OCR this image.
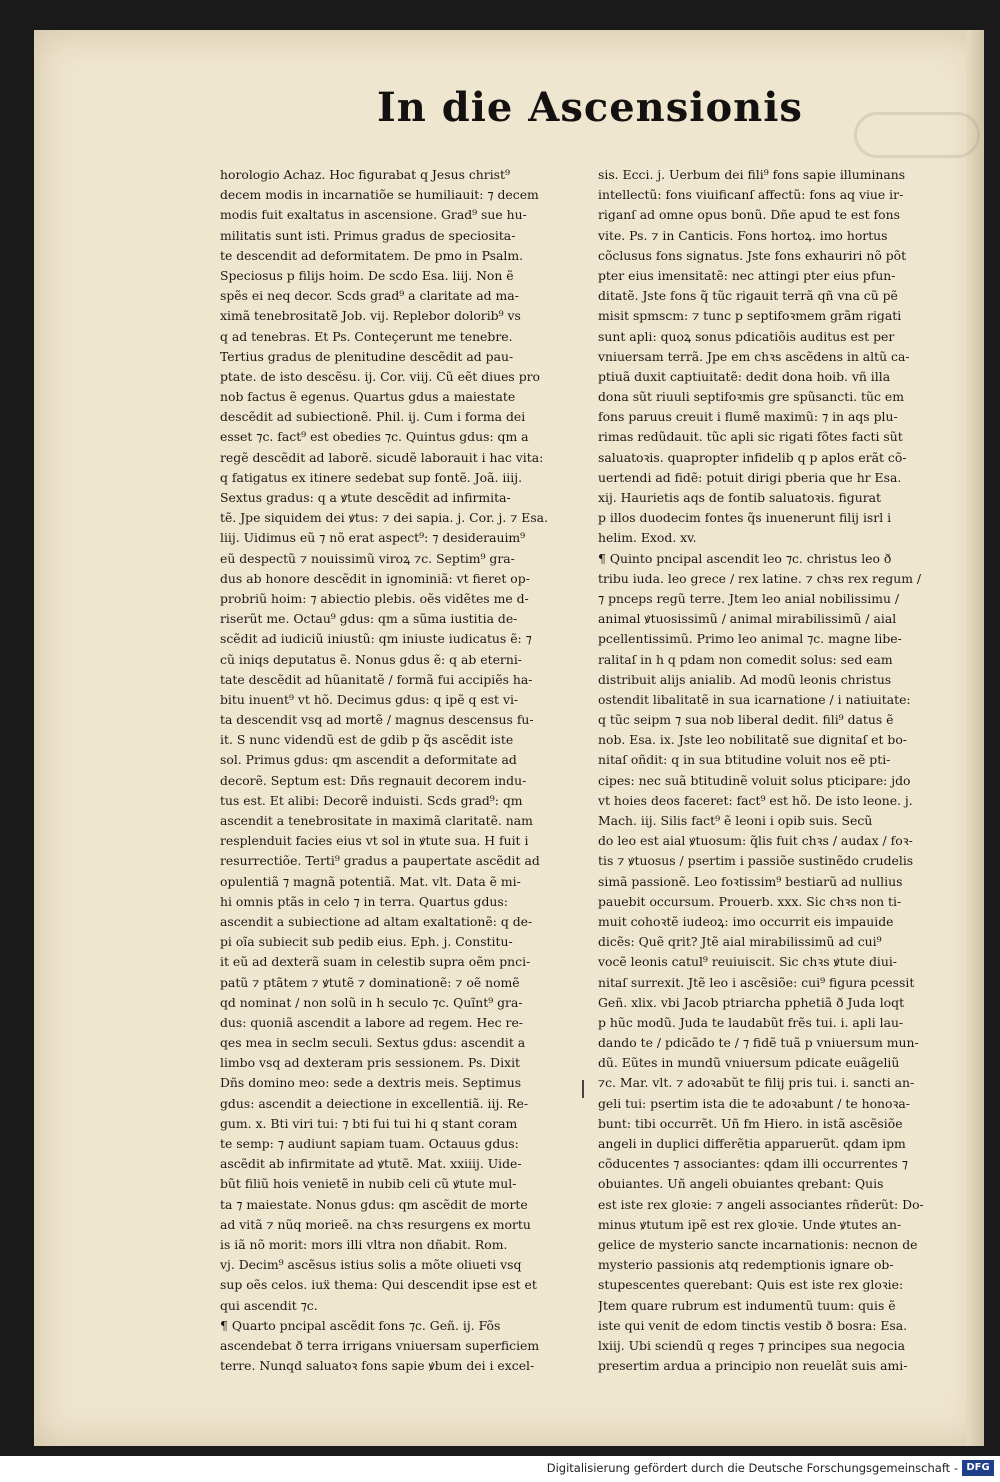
In die Ascensionis
horologio Achaz. Hoc figurabat q Jesus christ⁹
decem modis in incarnatiõe se humiliauit: ⁊ decem
modis fuit exaltatus in ascensione. Grad⁹ sue hu-
militatis sunt isti. Primus gradus de speciosita-
te descendit ad deformitatem. De pmo in Psalm.
Speciosus p filijs hoim. De scdo Esa. liij. Non ẽ
spẽs ei neq decor. Scds grad⁹ a claritate ad ma-
ximã tenebrositatẽ Job. vij. Replebor dolorib⁹ vs
q ad tenebras. Et Ps. Conteçerunt me tenebre.
Tertius gradus de plenitudine descẽdit ad pau-
ptate. de isto descẽsu. ij. Cor. viij. Cũ eẽt diues pro
nob factus ẽ egenus. Quartus gdus a maiestate
descẽdit ad subiectionẽ. Phil. ij. Cum i forma dei
esset ⁊c. fact⁹ est obedies ⁊c. Quintus gdus: qm a
regẽ descẽdit ad laborẽ. sicudẽ laborauit i hac vita:
q fatigatus ex itinere sedebat sup fontẽ. Joã. iiij.
Sextus gradus: q a ꝟtute descẽdit ad infirmita-
tẽ. Jpe siquidem dei ꝟtus: ⁊ dei sapia. j. Cor. j. ⁊ Esa.
liij. Uidimus eũ ⁊ nõ erat aspect⁹: ⁊ desiderauim⁹
eũ despectũ ⁊ nouissimũ viroꝝ ⁊c. Septim⁹ gra-
dus ab honore descẽdit in ignominiã: vt fieret op-
probriũ hoim: ⁊ abiectio plebis. oẽs vidẽtes me d-
riserũt me. Octau⁹ gdus: qm a sũma iustitia de-
scẽdit ad iudiciũ iniustũ: qm iniuste iudicatus ẽ: ⁊
cũ iniqs deputatus ẽ. Nonus gdus ẽ: q ab eterni-
tate descẽdit ad hũanitatẽ / formã fui accipiẽs ha-
bitu inuent⁹ vt hõ. Decimus gdus: q ipẽ q est vi-
ta descendit vsq ad mortẽ / magnus descensus fu-
it. S nunc videndũ est de gdib p q̃s ascẽdit iste
sol. Primus gdus: qm ascendit a deformitate ad
decorẽ. Septum est: Dñs regnauit decorem indu-
tus est. Et alibi: Decorẽ induisti. Scds grad⁹: qm
ascendit a tenebrositate in maximã claritatẽ. nam
resplenduit facies eius vt sol in ꝟtute sua. H fuit i
resurrectiõe. Terti⁹ gradus a paupertate ascẽdit ad
opulentiã ⁊ magnã potentiã. Mat. vlt. Data ẽ mi-
hi omnis ptãs in celo ⁊ in terra. Quartus gdus:
ascendit a subiectione ad altam exaltationẽ: q de-
pi oĩa subiecit sub pedib eius. Eph. j. Constitu-
it eũ ad dexterã suam in celestib supra oẽm pnci-
patũ ⁊ ptãtem ⁊ ꝟtutẽ ⁊ dominationẽ: ⁊ oẽ nomẽ
qd nominat / non solũ in h seculo ⁊c. Quĩnt⁹ gra-
dus: quoniã ascendit a labore ad regem. Hec re-
qes mea in seclm seculi. Sextus gdus: ascendit a
limbo vsq ad dexteram pris sessionem. Ps. Dixit
Dñs domino meo: sede a dextris meis. Septimus
gdus: ascendit a deiectione in excellentiã. iij. Re-
gum. x. Bti viri tui: ⁊ bti fui tui hi q stant coram
te semp: ⁊ audiunt sapiam tuam. Octauus gdus:
ascẽdit ab infirmitate ad ꝟtutẽ. Mat. xxiiij. Uide-
bũt filiũ hois venietẽ in nubib celi cũ ꝟtute mul-
ta ⁊ maiestate. Nonus gdus: qm ascẽdit de morte
ad vitã ⁊ nũq morieẽ. na chꝛs resurgens ex mortu
is iã nõ morit: mors illi vltra non dñabit. Rom.
vj. Decim⁹ ascẽsus istius solis a mõte oliueti vsq
sup oẽs celos. iuẍ thema: Qui descendit ipse est et
qui ascendit ⁊c.
¶ Quarto pncipal ascẽdit fons ⁊c. Geñ. ij. Fõs
ascendebat ð terra irrigans vniuersam superficiem
terre. Nunqd saluatoꝛ fons sapie ꝟbum dei i excel-
sis. Ecci. j. Uerbum dei fili⁹ fons sapie illuminans
intellectũ: fons viuificanſ affectũ: fons aq viue ir-
riganſ ad omne opus bonũ. Dñe apud te est fons
vite. Ps. ⁊ in Canticis. Fons hortoꝝ. imo hortus
cõclusus fons signatus. Jste fons exhauriri nõ põt
pter eius imensitatẽ: nec attingi pter eius pfun-
ditatẽ. Jste fons q̃ tũc rigauit terrã qñ vna cũ pẽ
misit spmscm: ⁊ tunc p septifoꝛmem grãm rigati
sunt apli: quoꝝ sonus pdicatiõis auditus est per
vniuersam terrã. Jpe em chꝛs ascẽdens in altũ ca-
ptiuã duxit captiuitatẽ: dedit dona hoib. vñ illa
dona sũt riuuli septifoꝛmis gre spũsancti. tũc em
fons paruus creuit i flumẽ maximũ: ⁊ in aqs plu-
rimas redũdauit. tũc apli sic rigati fõtes facti sũt
saluatoꝛis. quapropter infidelib q p aplos erãt cõ-
uertendi ad fidẽ: potuit dirigi pberia que hr Esa.
xij. Haurietis aqs de fontib saluatoꝛis. figurat
p illos duodecim fontes q̃s inuenerunt filij isrl i
helim. Exod. xv.
¶ Quinto pncipal ascendit leo ⁊c. christus leo ð
tribu iuda. leo grece / rex latine. ⁊ chꝛs rex regum /
⁊ pnceps regũ terre. Jtem leo anial nobilissimu /
animal ꝟtuosissimũ / animal mirabilissimũ / aial
pcellentissimũ. Primo leo animal ⁊c. magne libe-
ralitaſ in h q pdam non comedit solus: sed eam
distribuit alijs anialib. Ad modũ leonis christus
ostendit libalitatẽ in sua icarnatione / i natiuitate:
q tũc seipm ⁊ sua nob liberal dedit. fili⁹ datus ẽ
nob. Esa. ix. Jste leo nobilitatẽ sue dignitaſ et bo-
nitaſ oñdit: q in sua btitudine voluit nos eẽ pti-
cipes: nec suã btitudinẽ voluit solus pticipare: jdo
vt hoies deos faceret: fact⁹ est hõ. De isto leone. j.
Mach. iij. Silis fact⁹ ẽ leoni i opib suis. Secũ
do leo est aial ꝟtuosum: q̃lis fuit chꝛs / audax / foꝛ-
tis ⁊ ꝟtuosus / psertim i passiõe sustinẽdo crudelis
simã passionẽ. Leo foꝛtissim⁹ bestiarũ ad nullius
pauebit occursum. Prouerb. xxx. Sic chꝛs non ti-
muit cohoꝛtẽ iudeoꝝ: imo occurrit eis impauide
dicẽs: Quẽ qrit? Jtẽ aial mirabilissimũ ad cui⁹
vocẽ leonis catul⁹ reuiuiscit. Sic chꝛs ꝟtute diui-
nitaſ surrexit. Jtẽ leo i ascẽsiõe: cui⁹ figura pcessit
Geñ. xlix. vbi Jacob ptriarcha pphetiã ð Juda loqt
p hũc modũ. Juda te laudabũt frẽs tui. i. apli lau-
dando te / pdicãdo te / ⁊ fidẽ tuã p vniuersum mun-
dũ. Eũtes in mundũ vniuersum pdicate euãgeliũ
⁊c. Mar. vlt. ⁊ adoꝛabũt te filij pris tui. i. sancti an-
geli tui: psertim ista die te adoꝛabunt / te honoꝛa-
bunt: tibi occurrẽt. Uñ fm Hiero. in istã ascẽsiõe
angeli in duplici differẽtia apparuerũt. qdam ipm
cõducentes ⁊ associantes: qdam illi occurrentes ⁊
obuiantes. Uñ angeli obuiantes qrebant: Quis
est iste rex gloꝛie: ⁊ angeli associantes rñderũt: Do-
minus ꝟtutum ipẽ est rex gloꝛie. Unde ꝟtutes an-
gelice de mysterio sancte incarnationis: necnon de
mysterio passionis atq redemptionis ignare ob-
stupescentes querebant: Quis est iste rex gloꝛie:
Jtem quare rubrum est indumentũ tuum: quis ẽ
iste qui venit de edom tinctis vestib ð bosra: Esa.
lxiij. Ubi sciendũ q reges ⁊ principes sua negocia
presertim ardua a principio non reuelãt suis ami-
Digitalisierung gefördert durch die Deutsche Forschungsgemeinschaft - DFG
